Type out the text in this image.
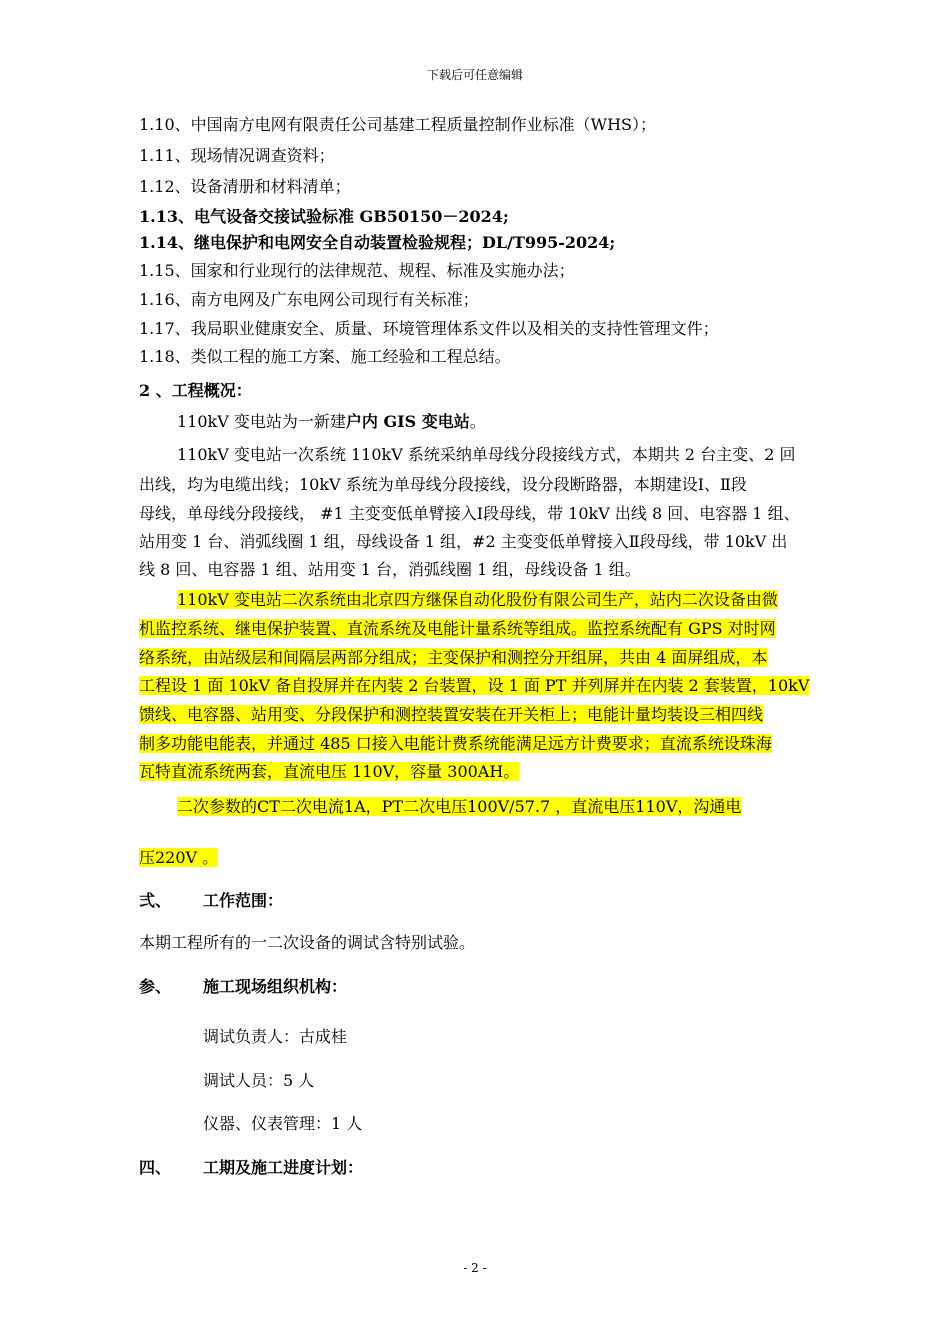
下载后可任意编辑
1.10、中国南方电网有限责任公司基建工程质量控制作业标准（WHS）；
1.11、现场情况调查资料；
1.12、设备清册和材料清单；
1.13、电气设备交接试验标准 GB50150－2024;
1.14、继电保护和电网安全自动装置检验规程；DL/T995-2024;
1.15、国家和行业现行的法律规范、规程、标准及实施办法；
1.16、南方电网及广东电网公司现行有关标准；
1.17、我局职业健康安全、质量、环境管理体系文件以及相关的支持性管理文件；
1.18、类似工程的施工方案、施工经验和工程总结。
2 、工程概况：
110kV 变电站为一新建户内 GIS 变电站。
110kV 变电站一次系统 110kV 系统采纳单母线分段接线方式，本期共 2 台主变、2 回
出线，均为电缆出线；10kV 系统为单母线分段接线，设分段断路器，本期建设Ⅰ、Ⅱ段
母线，单母线分段接线， #1 主变变低单臂接入Ⅰ段母线，带 10kV 出线 8 回、电容器 1 组、
站用变 1 台、消弧线圈 1 组，母线设备 1 组，#2 主变变低单臂接入Ⅱ段母线，带 10kV 出
线 8 回、电容器 1 组、站用变 1 台，消弧线圈 1 组，母线设备 1 组。
110kV 变电站二次系统由北京四方继保自动化股份有限公司生产，站内二次设备由微
机监控系统、继电保护装置、直流系统及电能计量系统等组成。监控系统配有 GPS 对时网
络系统，由站级层和间隔层两部分组成；主变保护和测控分开组屏，共由 4 面屏组成，本
工程设 1 面 10kV 备自投屏并在内装 2 台装置，设 1 面 PT 并列屏并在内装 2 套装置，10kV
馈线、电容器、站用变、分段保护和测控装置安装在开关柜上；电能计量均装设三相四线
制多功能电能表，并通过 485 口接入电能计费系统能满足远方计费要求；直流系统设珠海
瓦特直流系统两套，直流电压 110V，容量 300AH。
二次参数的CT二次电流1A，PT二次电压100V/57.7 ，直流电压110V，沟通电
压220V 。
弍、 工作范围：
本期工程所有的一二次设备的调试含特别试验。
参、 施工现场组织机构：
调试负责人：古成桂
调试人员：5 人
仪器、仪表管理：1 人
四、 工期及施工进度计划：
- 2 -
